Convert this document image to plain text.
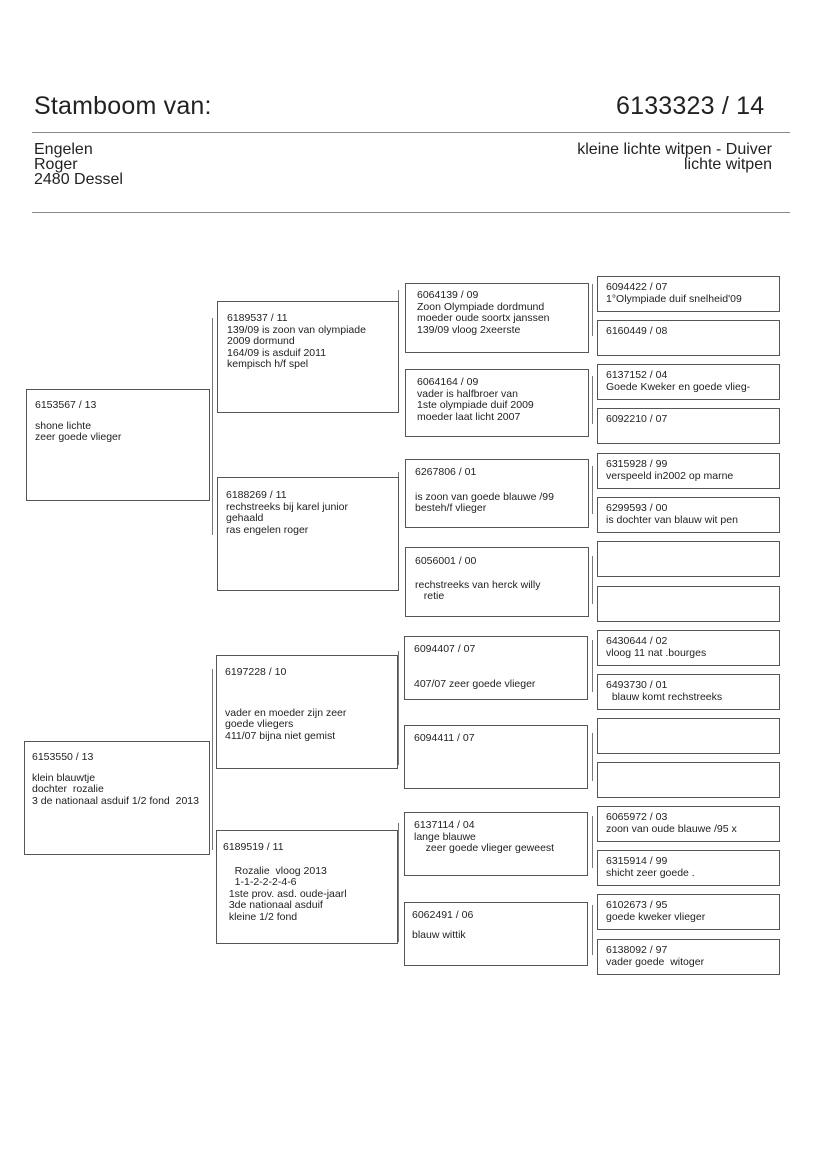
Stamboom van:	6133323 / 14
Engelen
Roger
2480 Dessel
kleine lichte witpen - Duiver
lichte witpen
6153567 / 13
shone lichte
zeer goede vlieger
6153550 / 13
klein blauwtje
dochter  rozalie
3 de nationaal asduif 1/2 fond  2013
6189537 / 11
139/09 is zoon van olympiade
2009 dormund
164/09 is asduif 2011
kempisch h/f spel
6188269 / 11
rechstreeks bij karel junior
gehaald
ras engelen roger
6197228 / 10
vader en moeder zijn zeer
goede vliegers
411/07 bijna niet gemist
6189519 / 11
Rozalie  vloog 2013
1-1-2-2-2-4-6
1ste prov. asd. oude-jaarl
3de nationaal asduif
kleine 1/2 fond
6064139 / 09
Zoon Olympiade dordmund
moeder oude soortx janssen
139/09 vloog 2xeerste
6064164 / 09
vader is halfbroer van
1ste olympiade duif 2009
moeder laat licht 2007
6267806 / 01
is zoon van goede blauwe /99
besteh/f vlieger
6056001 / 00
rechstreeks van herck willy
retie
6094407 / 07
407/07 zeer goede vlieger
6094411 / 07
6137114 / 04
lange blauwe
zeer goede vlieger geweest
6062491 / 06
blauw wittik
6094422 / 07
1°Olympiade duif snelheid'09
6160449 / 08
6137152 / 04
Goede Kweker en goede vlieg-
6092210 / 07
6315928 / 99
verspeeld in2002 op marne
6299593 / 00
is dochter van blauw wit pen
6430644 / 02
vloog 11 nat .bourges
6493730 / 01
blauw komt rechstreeks
6065972 / 03
zoon van oude blauwe /95 x
6315914 / 99
shicht zeer goede .
6102673 / 95
goede kweker vlieger
6138092 / 97
vader goede  witoger
